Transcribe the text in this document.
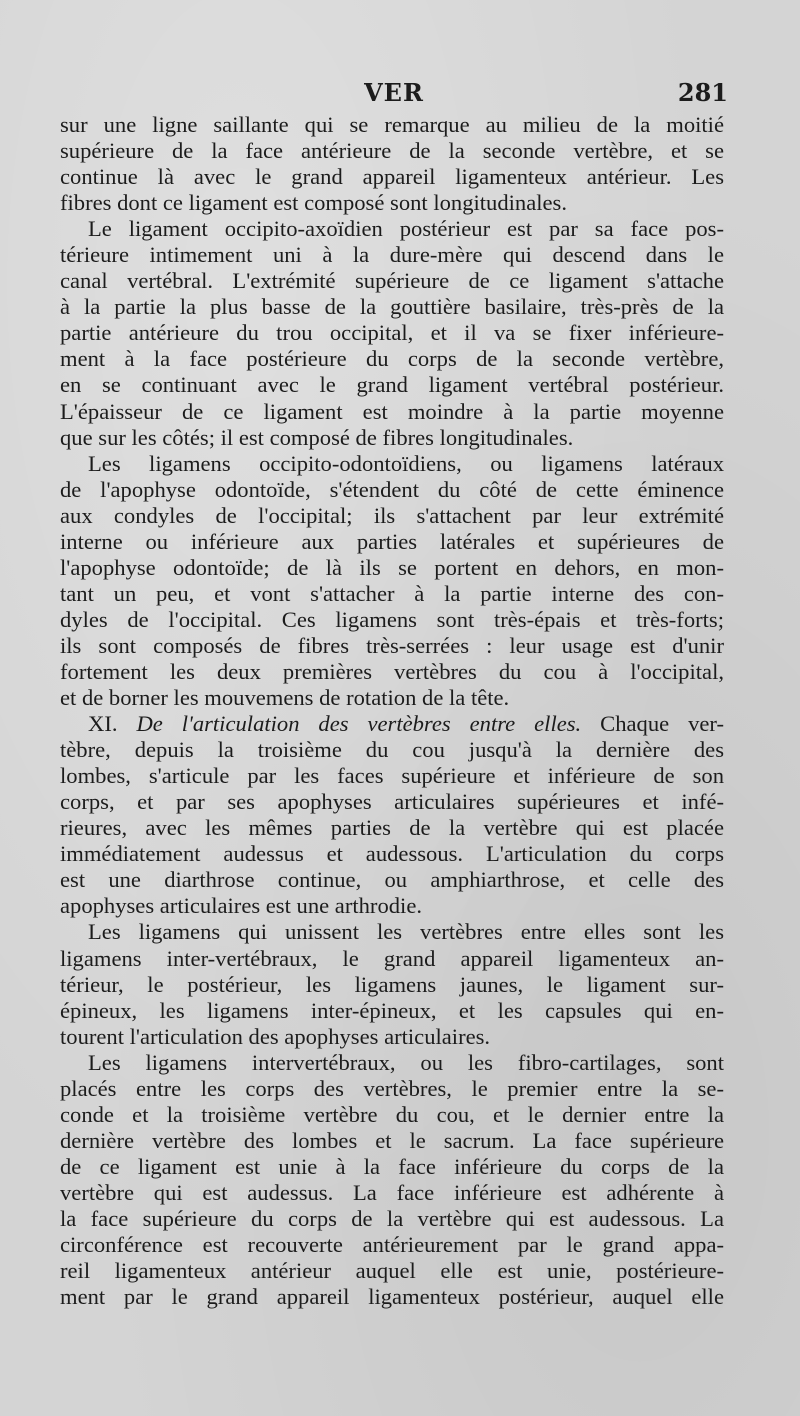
VER	281

sur une ligne saillante qui se remarque au milieu de la moitié
supérieure de la face antérieure de la seconde vertèbre, et se
continue là avec le grand appareil ligamenteux antérieur. Les
fibres dont ce ligament est composé sont longitudinales.

Le ligament occipito-axoïdien postérieur est par sa face pos-
térieure intimement uni à la dure-mère qui descend dans le
canal vertébral. L'extrémité supérieure de ce ligament s'attache
à la partie la plus basse de la gouttière basilaire, très-près de la
partie antérieure du trou occipital, et il va se fixer inférieure-
ment à la face postérieure du corps de la seconde vertèbre,
en se continuant avec le grand ligament vertébral postérieur.
L'épaisseur de ce ligament est moindre à la partie moyenne
que sur les côtés; il est composé de fibres longitudinales.

Les ligamens occipito-odontoïdiens, ou ligamens latéraux
de l'apophyse odontoïde, s'étendent du côté de cette éminence
aux condyles de l'occipital; ils s'attachent par leur extrémité
interne ou inférieure aux parties latérales et supérieures de
l'apophyse odontoïde; de là ils se portent en dehors, en mon-
tant un peu, et vont s'attacher à la partie interne des con-
dyles de l'occipital. Ces ligamens sont très-épais et très-forts;
ils sont composés de fibres très-serrées : leur usage est d'unir
fortement les deux premières vertèbres du cou à l'occipital,
et de borner les mouvemens de rotation de la tête.

XI. De l'articulation des vertèbres entre elles. Chaque ver-
tèbre, depuis la troisième du cou jusqu'à la dernière des
lombes, s'articule par les faces supérieure et inférieure de son
corps, et par ses apophyses articulaires supérieures et infé-
rieures, avec les mêmes parties de la vertèbre qui est placée
immédiatement audessus et audessous. L'articulation du corps
est une diarthrose continue, ou amphiarthrose, et celle des
apophyses articulaires est une arthrodie.

Les ligamens qui unissent les vertèbres entre elles sont les
ligamens inter-vertébraux, le grand appareil ligamenteux an-
térieur, le postérieur, les ligamens jaunes, le ligament sur-
épineux, les ligamens inter-épineux, et les capsules qui en-
tourent l'articulation des apophyses articulaires.

Les ligamens intervertébraux, ou les fibro-cartilages, sont
placés entre les corps des vertèbres, le premier entre la se-
conde et la troisième vertèbre du cou, et le dernier entre la
dernière vertèbre des lombes et le sacrum. La face supérieure
de ce ligament est unie à la face inférieure du corps de la
vertèbre qui est audessus. La face inférieure est adhérente à
la face supérieure du corps de la vertèbre qui est audessous. La
circonférence est recouverte antérieurement par le grand appa-
reil ligamenteux antérieur auquel elle est unie, postérieure-
ment par le grand appareil ligamenteux postérieur, auquel elle
